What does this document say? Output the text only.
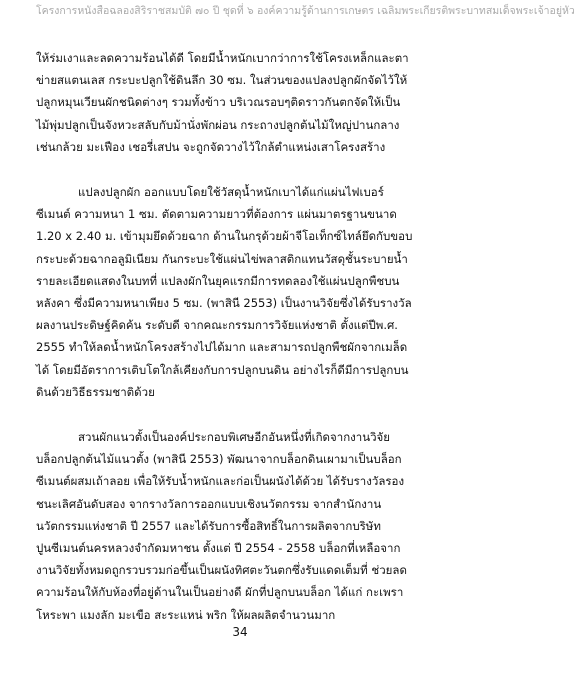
โครงการหนังสือฉลองสิริราชสมบัติ ๗๐ ปี ชุดที่ ๖ องค์ความรู้ด้านการเกษตร เฉลิมพระเกียรติพระบาทสมเด็จพระเจ้าอยู่หัว

ให้ร่มเงาและลดความร้อนได้ดี โดยมีน้ำหนักเบากว่าการใช้โครงเหล็กและตา
ข่ายสแตนเลส กระบะปลูกใช้ดินลึก 30 ซม. ในส่วนของแปลงปลูกผักจัดไว้ให้
ปลูกหมุนเวียนผักชนิดต่างๆ รวมทั้งข้าว บริเวณรอบๆติดราวกันตกจัดให้เป็น
ไม้พุ่มปลูกเป็นจังหวะสลับกับม้านั่งพักผ่อน กระถางปลูกต้นไม้ใหญ่ปานกลาง
เช่นกล้วย มะเฟือง เชอรี่เสปน จะถูกจัดวางไว้ใกล้ตำแหน่งเสาโครงสร้าง

แปลงปลูกผัก ออกแบบโดยใช้วัสดุน้ำหนักเบาได้แก่แผ่นไฟเบอร์
ซีเมนต์ ความหนา 1 ซม. ตัดตามความยาวที่ต้องการ แผ่นมาตรฐานขนาด
1.20 x 2.40 ม. เข้ามุมยึดด้วยฉาก ด้านในกรุด้วยผ้าจีโอเท็กซ์ไทล์ยึดกับขอบ
กระบะด้วยฉากอลูมิเนียม กันกระบะใช้แผ่นไข่พลาสติกแทนวัสดุชั้นระบายน้ำ
รายละเอียดแสดงในบทที่ แปลงผักในยุคแรกมีการทดลองใช้แผ่นปลูกพืชบน
หลังคา ซึ่งมีความหนาเพียง 5 ซม. (พาสินี 2553) เป็นงานวิจัยซึ่งได้รับรางวัล
ผลงานประดิษฐ์คิดค้น ระดับดี จากคณะกรรมการวิจัยแห่งชาติ ตั้งแต่ปีพ.ศ.
2555 ทำให้ลดน้ำหนักโครงสร้างไปได้มาก และสามารถปลูกพืชผักจากเมล็ด
ได้ โดยมีอัตราการเติบโตใกล้เคียงกับการปลูกบนดิน อย่างไรก็ดีมีการปลูกบน
ดินด้วยวิธีธรรมชาติด้วย

สวนผักแนวตั้งเป็นองค์ประกอบพิเศษอีกอันหนึ่งที่เกิดจากงานวิจัย
บล็อกปลูกต้นไม้แนวตั้ง (พาสินี 2553) พัฒนาจากบล็อกดินเผามาเป็นบล็อก
ซีเมนต์ผสมเถ้าลอย เพื่อให้รับน้ำหนักและก่อเป็นผนังได้ด้วย ได้รับรางวัลรอง
ชนะเลิศอันดับสอง จากรางวัลการออกแบบเชิงนวัตกรรม จากสำนักงาน
นวัตกรรมแห่งชาติ ปี 2557 และได้รับการซื้อสิทธิ์ในการผลิตจากบริษัท
ปูนซีเมนต์นครหลวงจำกัดมหาชน ตั้งแต่ ปี 2554 - 2558 บล็อกที่เหลือจาก
งานวิจัยทั้งหมดถูกรวบรวมก่อขึ้นเป็นผนังทิศตะวันตกซึ่งรับแดดเต็มที่ ช่วยลด
ความร้อนให้กับห้องที่อยู่ด้านในเป็นอย่างดี ผักที่ปลูกบนบล็อก ได้แก่ กะเพรา
โหระพา แมงลัก มะเขือ สะระแหน่ พริก ให้ผลผลิตจำนวนมาก

34
